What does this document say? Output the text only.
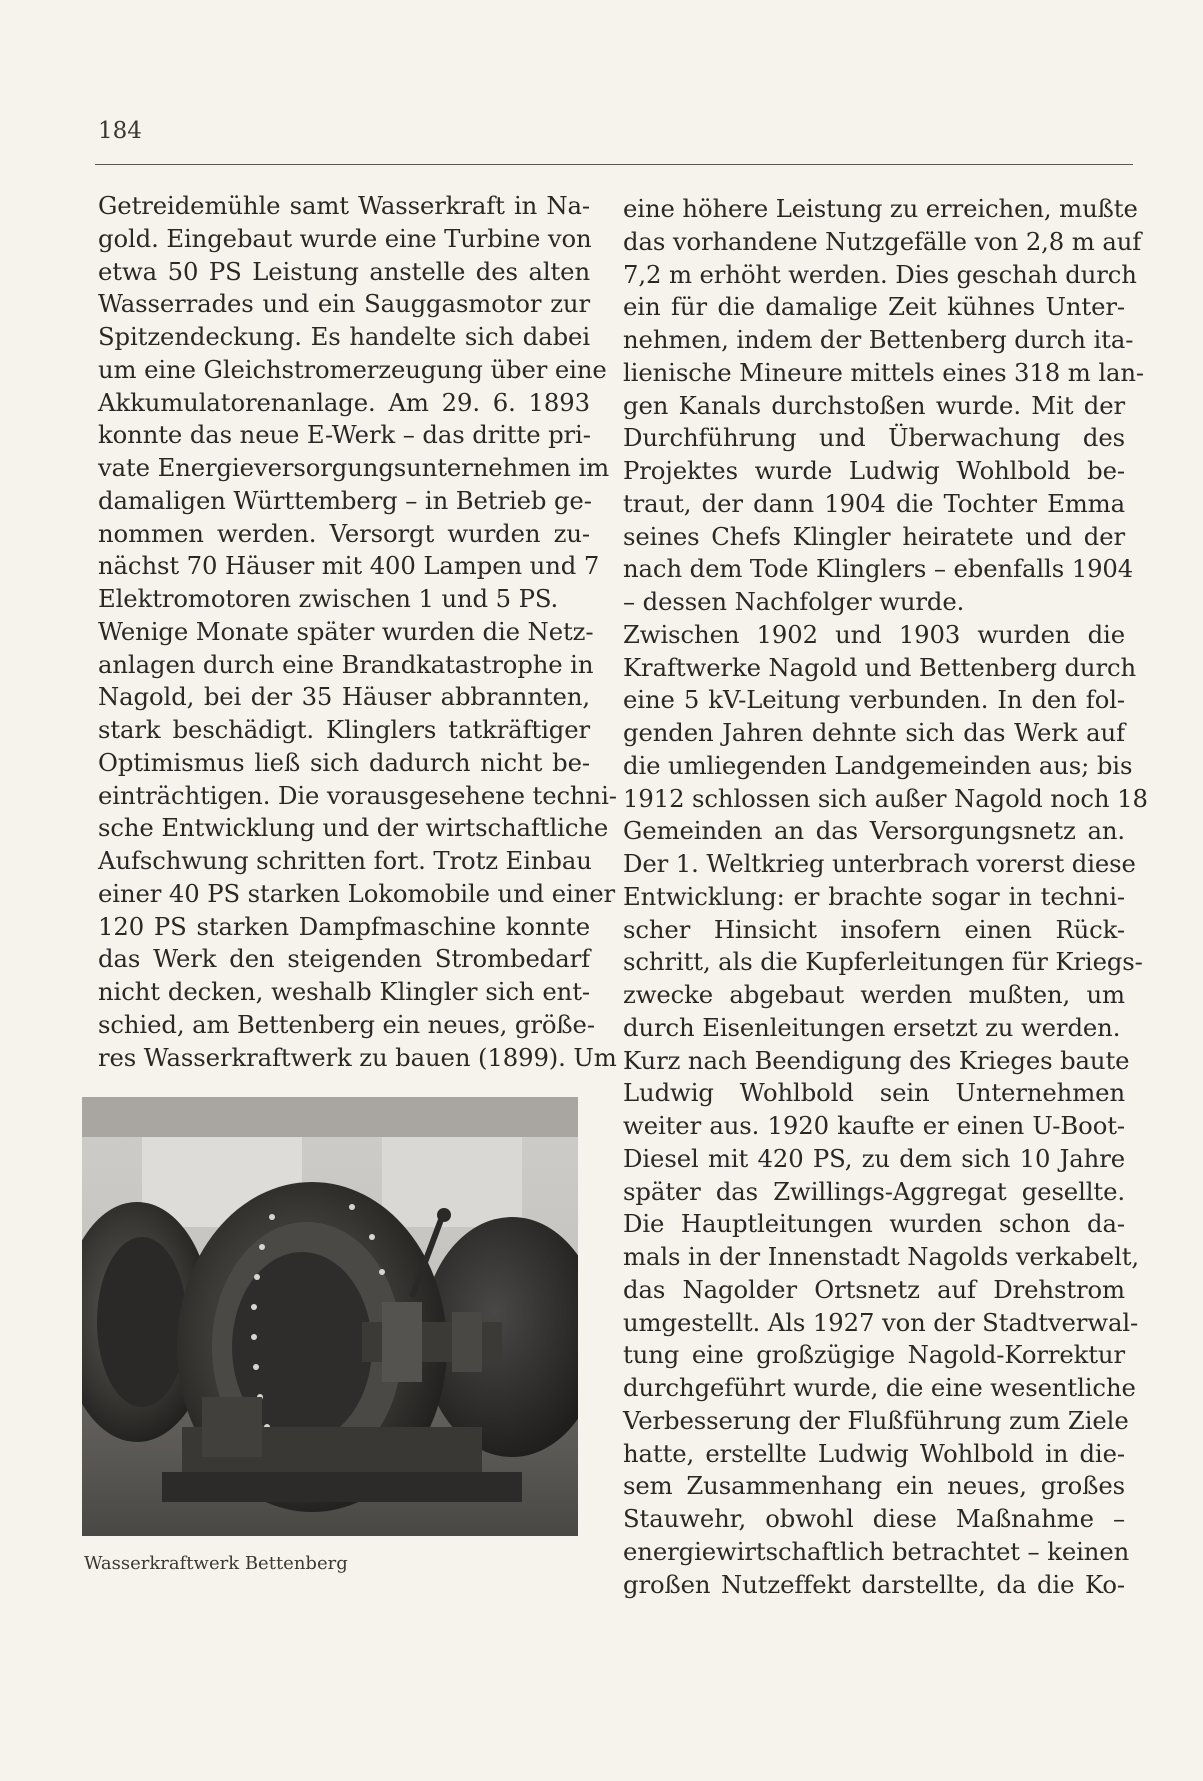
184
Getreidemühle samt Wasserkraft in Na-
gold. Eingebaut wurde eine Turbine von
etwa 50 PS Leistung anstelle des alten
Wasserrades und ein Sauggasmotor zur
Spitzendeckung. Es handelte sich dabei
um eine Gleichstromerzeugung über eine
Akkumulatorenanlage. Am 29. 6. 1893
konnte das neue E-Werk – das dritte pri-
vate Energieversorgungsunternehmen im
damaligen Württemberg – in Betrieb ge-
nommen werden. Versorgt wurden zu-
nächst 70 Häuser mit 400 Lampen und 7
Elektromotoren zwischen 1 und 5 PS.
Wenige Monate später wurden die Netz-
anlagen durch eine Brandkatastrophe in
Nagold, bei der 35 Häuser abbrannten,
stark beschädigt. Klinglers tatkräftiger
Optimismus ließ sich dadurch nicht be-
einträchtigen. Die vorausgesehene techni-
sche Entwicklung und der wirtschaftliche
Aufschwung schritten fort. Trotz Einbau
einer 40 PS starken Lokomobile und einer
120 PS starken Dampfmaschine konnte
das Werk den steigenden Strombedarf
nicht decken, weshalb Klingler sich ent-
schied, am Bettenberg ein neues, größe-
res Wasserkraftwerk zu bauen (1899). Um
eine höhere Leistung zu erreichen, mußte
das vorhandene Nutzgefälle von 2,8 m auf
7,2 m erhöht werden. Dies geschah durch
ein für die damalige Zeit kühnes Unter-
nehmen, indem der Bettenberg durch ita-
lienische Mineure mittels eines 318 m lan-
gen Kanals durchstoßen wurde. Mit der
Durchführung und Überwachung des
Projektes wurde Ludwig Wohlbold be-
traut, der dann 1904 die Tochter Emma
seines Chefs Klingler heiratete und der
nach dem Tode Klinglers – ebenfalls 1904
– dessen Nachfolger wurde.
Zwischen 1902 und 1903 wurden die
Kraftwerke Nagold und Bettenberg durch
eine 5 kV-Leitung verbunden. In den fol-
genden Jahren dehnte sich das Werk auf
die umliegenden Landgemeinden aus; bis
1912 schlossen sich außer Nagold noch 18
Gemeinden an das Versorgungsnetz an.
Der 1. Weltkrieg unterbrach vorerst diese
Entwicklung: er brachte sogar in techni-
scher Hinsicht insofern einen Rück-
schritt, als die Kupferleitungen für Kriegs-
zwecke abgebaut werden mußten, um
durch Eisenleitungen ersetzt zu werden.
Kurz nach Beendigung des Krieges baute
Ludwig Wohlbold sein Unternehmen
weiter aus. 1920 kaufte er einen U-Boot-
Diesel mit 420 PS, zu dem sich 10 Jahre
später das Zwillings-Aggregat gesellte.
Die Hauptleitungen wurden schon da-
mals in der Innenstadt Nagolds verkabelt,
das Nagolder Ortsnetz auf Drehstrom
umgestellt. Als 1927 von der Stadtverwal-
tung eine großzügige Nagold-Korrektur
durchgeführt wurde, die eine wesentliche
Verbesserung der Flußführung zum Ziele
hatte, erstellte Ludwig Wohlbold in die-
sem Zusammenhang ein neues, großes
Stauwehr, obwohl diese Maßnahme –
energiewirtschaftlich betrachtet – keinen
großen Nutzeffekt darstellte, da die Ko-
Wasserkraftwerk Bettenberg
